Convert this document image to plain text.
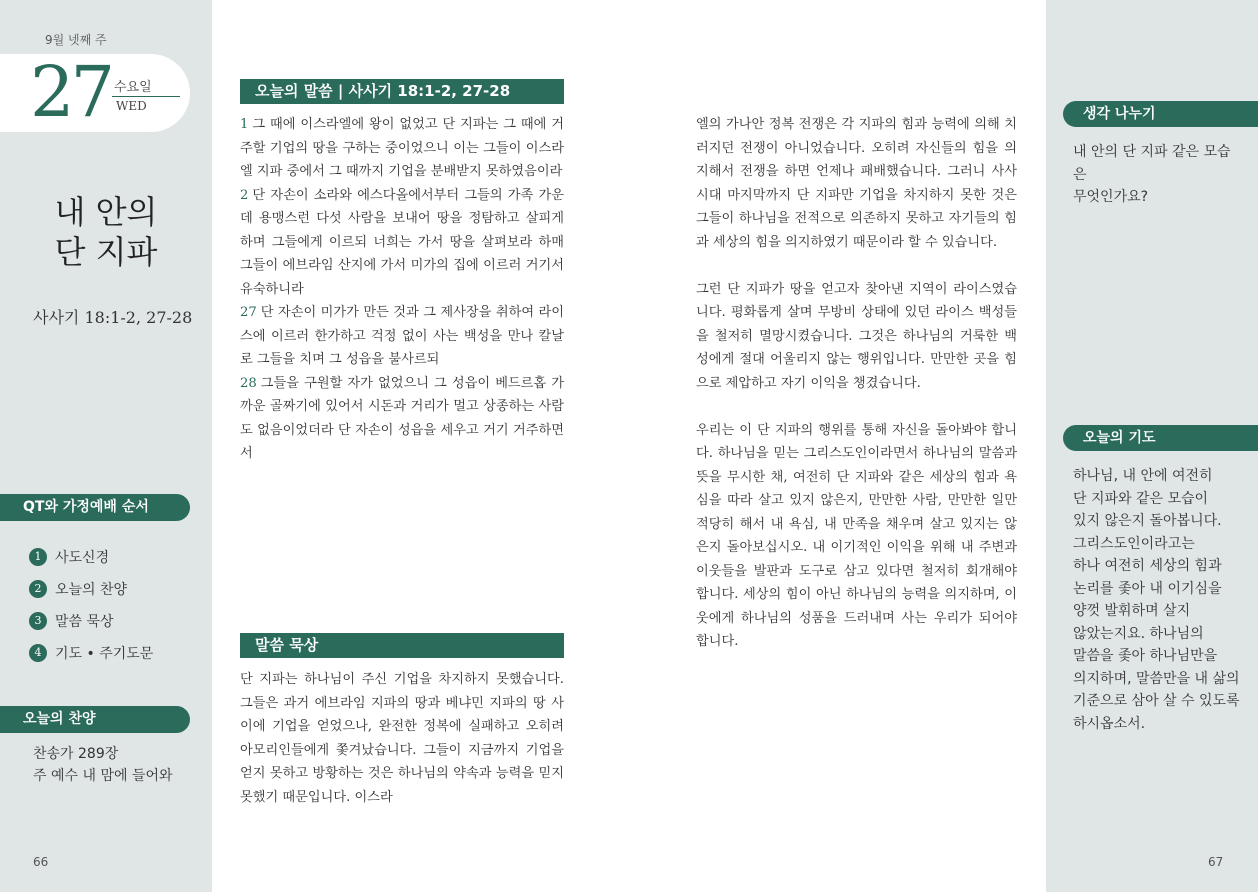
9월 넷째 주
27 수요일
WED
내 안의
단 지파
사사기 18:1-2, 27-28
QT와 가정예배 순서
1 사도신경
2 오늘의 찬양
3 말씀 묵상
4 기도 • 주기도문
오늘의 찬양
찬송가 289장
주 예수 내 맘에 들어와
66
오늘의 말씀 | 사사기 18:1-2, 27-28

1 그 때에 이스라엘에 왕이 없었고 단 지파는 그 때에 거주할 기업의 땅을 구하는 중이었으니 이는 그들이 이스라엘 지파 중에서 그 때까지 기업을 분배받지 못하였음이라

2 단 자손이 소라와 에스다올에서부터 그들의 가족 가운데 용맹스런 다섯 사람을 보내어 땅을 정탐하고 살피게 하며 그들에게 이르되 너희는 가서 땅을 살펴보라 하매 그들이 에브라임 산지에 가서 미가의 집에 이르러 거기서 유숙하니라

27 단 자손이 미가가 만든 것과 그 제사장을 취하여 라이스에 이르러 한가하고 걱정 없이 사는 백성을 만나 칼날로 그들을 치며 그 성읍을 불사르되

28 그들을 구원할 자가 없었으니 그 성읍이 베드르홉 가까운 골짜기에 있어서 시돈과 거리가 멀고 상종하는 사람도 없음이었더라 단 자손이 성읍을 세우고 거기 거주하면서

말씀 묵상

단 지파는 하나님이 주신 기업을 차지하지 못했습니다. 그들은 과거 에브라임 지파의 땅과 베냐민 지파의 땅 사이에 기업을 얻었으나, 완전한 정복에 실패하고 오히려 아모리인들에게 쫓겨났습니다. 그들이 지금까지 기업을 얻지 못하고 방황하는 것은 하나님의 약속과 능력을 믿지 못했기 때문입니다. 이스라

엘의 가나안 정복 전쟁은 각 지파의 힘과 능력에 의해 치러지던 전쟁이 아니었습니다. 오히려 자신들의 힘을 의지해서 전쟁을 하면 언제나 패배했습니다. 그러니 사사 시대 마지막까지 단 지파만 기업을 차지하지 못한 것은 그들이 하나님을 전적으로 의존하지 못하고 자기들의 힘과 세상의 힘을 의지하였기 때문이라 할 수 있습니다.

그런 단 지파가 땅을 얻고자 찾아낸 지역이 라이스였습니다. 평화롭게 살며 무방비 상태에 있던 라이스 백성들을 철저히 멸망시켰습니다. 그것은 하나님의 거룩한 백성에게 절대 어울리지 않는 행위입니다. 만만한 곳을 힘으로 제압하고 자기 이익을 챙겼습니다.

우리는 이 단 지파의 행위를 통해 자신을 돌아봐야 합니다. 하나님을 믿는 그리스도인이라면서 하나님의 말씀과 뜻을 무시한 채, 여전히 단 지파와 같은 세상의 힘과 욕심을 따라 살고 있지 않은지, 만만한 사람, 만만한 일만 적당히 해서 내 욕심, 내 만족을 채우며 살고 있지는 않은지 돌아보십시오. 내 이기적인 이익을 위해 내 주변과 이웃들을 발판과 도구로 삼고 있다면 철저히 회개해야 합니다. 세상의 힘이 아닌 하나님의 능력을 의지하며, 이웃에게 하나님의 성품을 드러내며 사는 우리가 되어야 합니다.

생각 나누기

내 안의 단 지파 같은 모습은

무엇인가요?

오늘의 기도

하나님, 내 안에 여전히

단 지파와 같은 모습이

있지 않은지 돌아봅니다.

그리스도인이라고는

하나 여전히 세상의 힘과

논리를 좇아 내 이기심을

양껏 발휘하며 살지

않았는지요. 하나님의

말씀을 좇아 하나님만을

의지하며, 말씀만을 내 삶의

기준으로 삼아 살 수 있도록

하시옵소서.

67
